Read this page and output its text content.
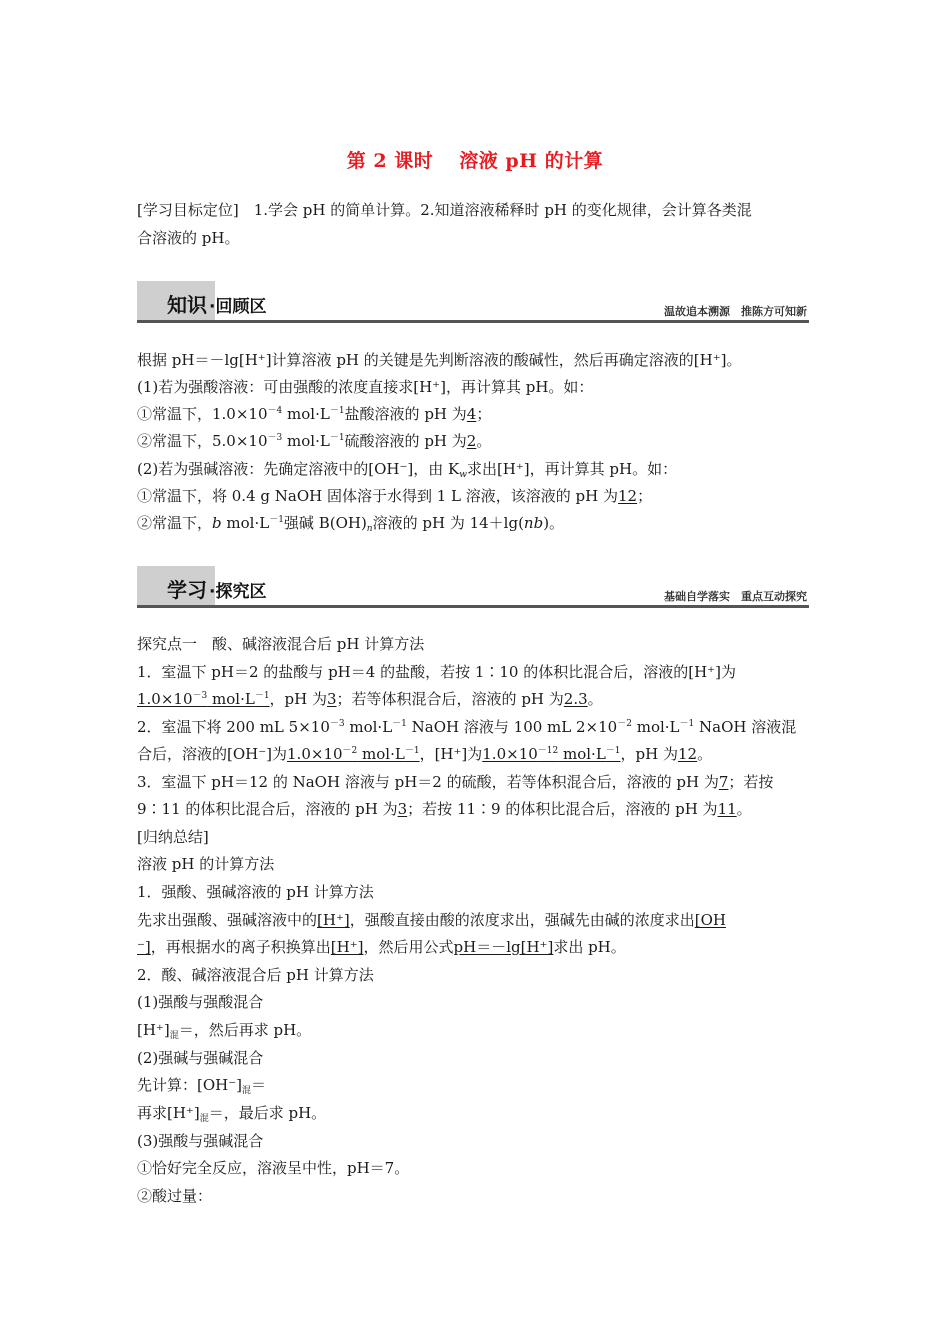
第 2 课时 溶液 pH 的计算
[学习目标定位]　1.学会 pH 的简单计算。2.知道溶液稀释时 pH 的变化规律，会计算各类混
合溶液的 pH。
知识 ·回顾区	温故追本溯源　推陈方可知新
根据 pH＝－lg[H⁺]计算溶液 pH 的关键是先判断溶液的酸碱性，然后再确定溶液的[H⁺]。
(1)若为强酸溶液：可由强酸的浓度直接求[H⁺]，再计算其 pH。如：
①常温下，$1.0\times 10^{-4}$ $mol\cdot L^{-1}$盐酸溶液的 pH 为4；
②常温下，$5.0\times 10^{-3}$ $mol\cdot L^{-1}$硫酸溶液的 pH 为2。
(2)若为强碱溶液：先确定溶液中的[OH⁻]，由 $K_w$求出[H⁺]，再计算其 pH。如：
①常温下，将 0.4 g NaOH 固体溶于水得到 1 L 溶液，该溶液的 pH 为12；
②常温下，b $mol\cdot L^{-1}$强碱 $B(OH)_n$溶液的 pH 为 14＋lg(nb)。
学习 ·探究区	基础自学落实　重点互动探究
探究点一　酸、碱溶液混合后 pH 计算方法
1．室温下 pH＝2 的盐酸与 pH＝4 的盐酸，若按 1∶10 的体积比混合后，溶液的[H⁺]为
$1.0\times 10^{-3}$ $mol\cdot L^{-1}$，pH 为3；若等体积混合后，溶液的 pH 为2.3。
2．室温下将 200 mL $5\times 10^{-3}$ $mol\cdot L^{-1}$ NaOH 溶液与 100 mL $2\times 10^{-2}$ $mol\cdot L^{-1}$ NaOH 溶液混
合后，溶液的[OH⁻]为$1.0\times 10^{-2}$ $mol\cdot L^{-1}$，[H⁺]为$1.0\times 10^{-12}$ $mol\cdot L^{-1}$，pH 为12。
3．室温下 pH＝12 的 NaOH 溶液与 pH＝2 的硫酸，若等体积混合后，溶液的 pH 为7；若按
9∶11 的体积比混合后，溶液的 pH 为3；若按 11∶9 的体积比混合后，溶液的 pH 为11。
[归纳总结]
溶液 pH 的计算方法
1．强酸、强碱溶液的 pH 计算方法
先求出强酸、强碱溶液中的[H⁺]，强酸直接由酸的浓度求出，强碱先由碱的浓度求出[OH
⁻]，再根据水的离子积换算出[H⁺]，然后用公式pH＝－lg[H⁺]求出 pH。
2．酸、碱溶液混合后 pH 计算方法
(1)强酸与强酸混合
$[H^+]_混=$，然后再求 pH。
(2)强碱与强碱混合
先计算：$[OH^-]_混=$
再求$[H^+]_混=$，最后求 pH。
(3)强酸与强碱混合
①恰好完全反应，溶液呈中性，pH＝7。
②酸过量：
